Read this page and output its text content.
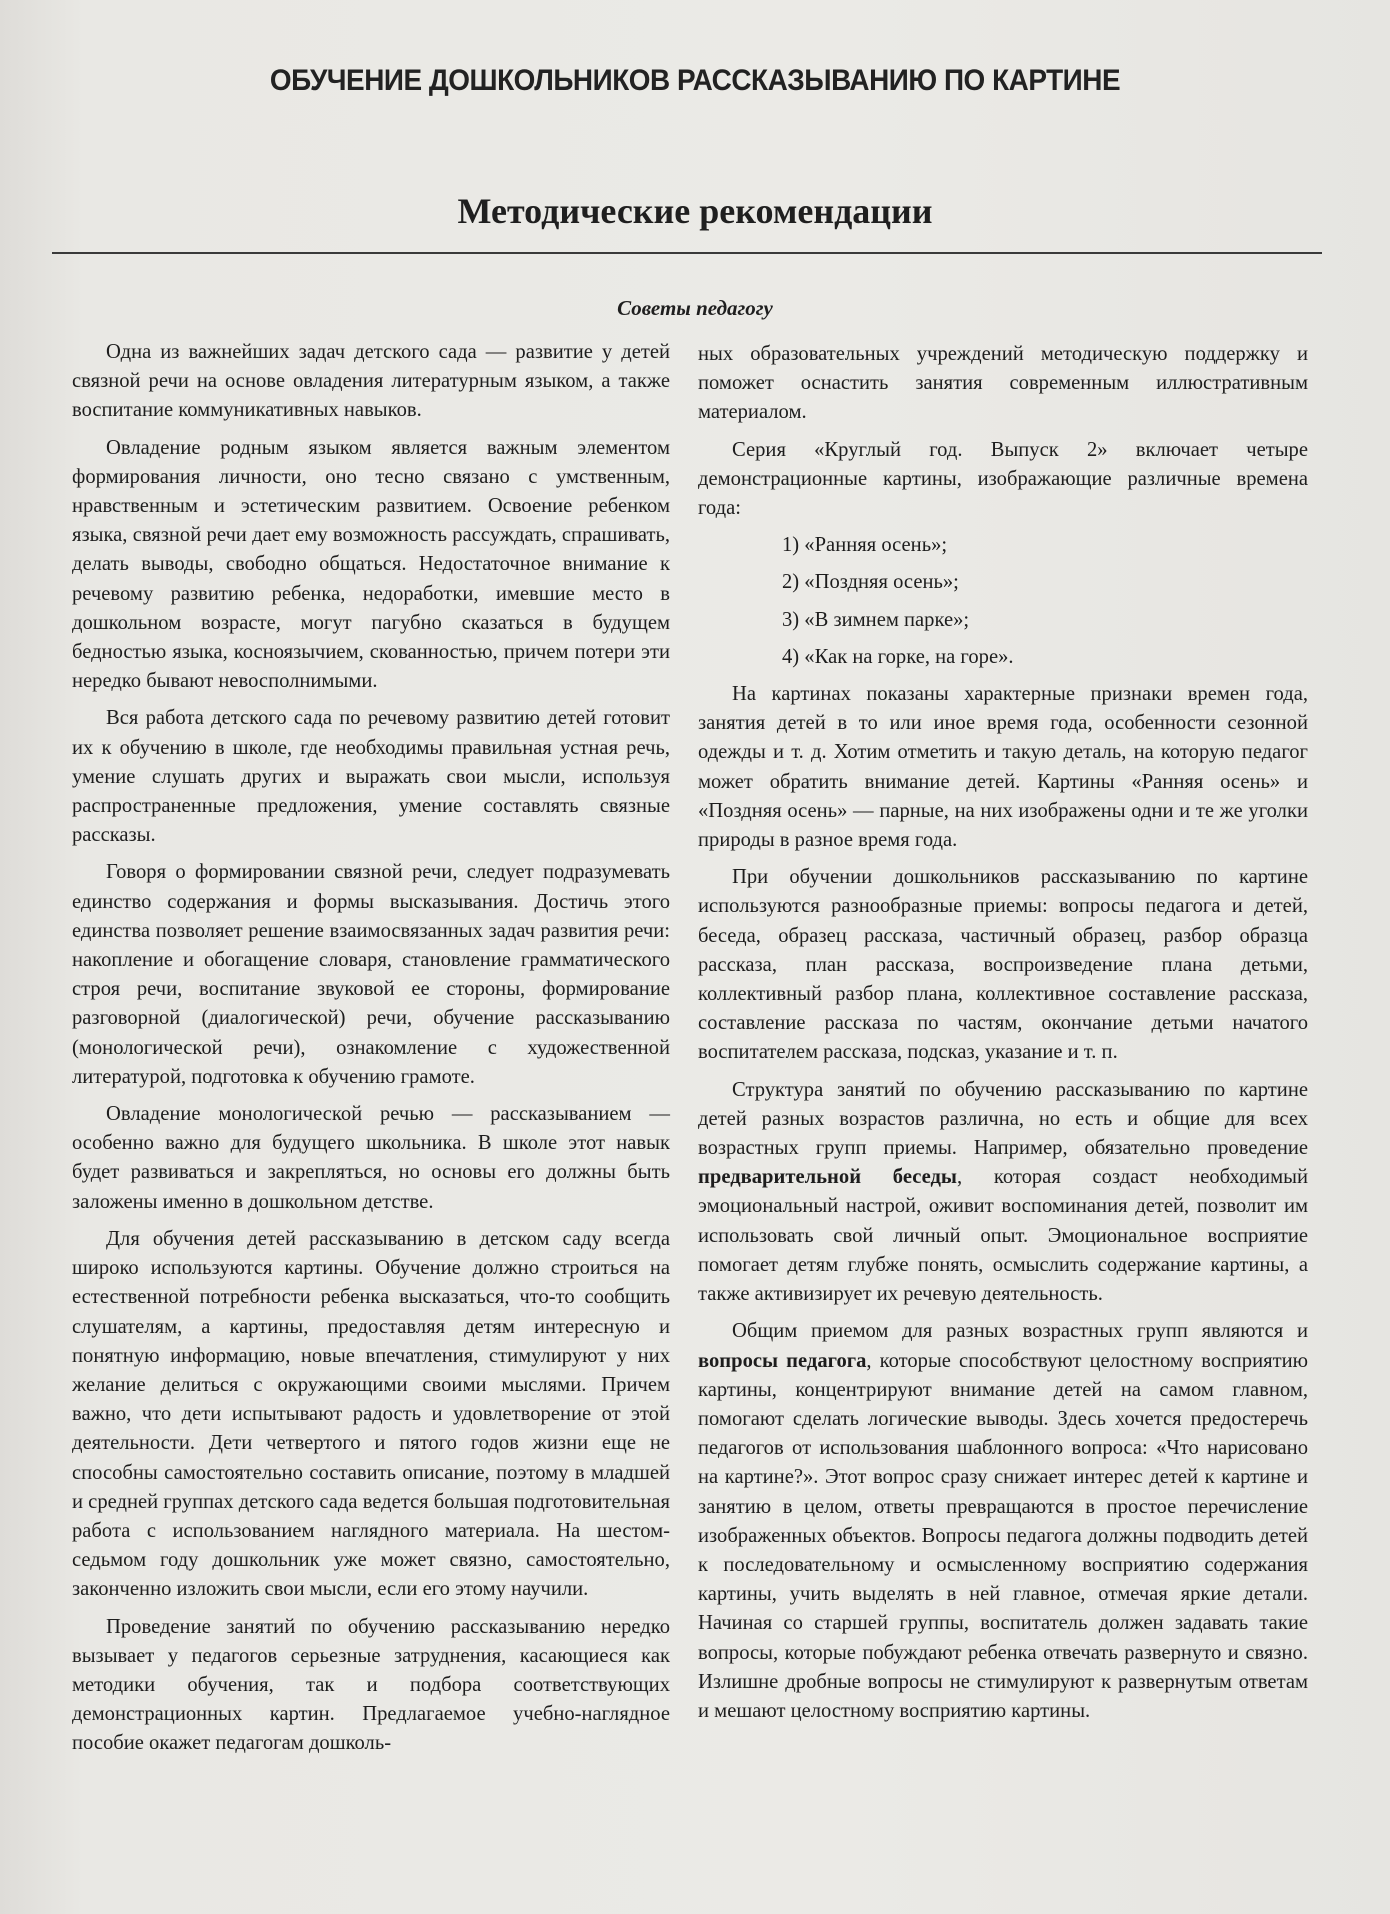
ОБУЧЕНИЕ ДОШКОЛЬНИКОВ РАССКАЗЫВАНИЮ ПО КАРТИНЕ
Методические рекомендации
Советы педагогу

Одна из важнейших задач детского сада — развитие у детей связной речи на основе овладения литературным языком, а также воспитание коммуникативных навыков.

Овладение родным языком является важным элементом формирования личности, оно тесно связано с умственным, нравственным и эстетическим развитием. Освоение ребенком языка, связной речи дает ему возможность рассуждать, спрашивать, делать выводы, свободно общаться. Недостаточное внимание к речевому развитию ребенка, недоработки, имевшие место в дошкольном возрасте, могут пагубно сказаться в будущем бедностью языка, косноязычием, скованностью, причем потери эти нередко бывают невосполнимыми.

Вся работа детского сада по речевому развитию детей готовит их к обучению в школе, где необходимы правильная устная речь, умение слушать других и выражать свои мысли, используя распространенные предложения, умение составлять связные рассказы.

Говоря о формировании связной речи, следует подразумевать единство содержания и формы высказывания. Достичь этого единства позволяет решение взаимосвязанных задач развития речи: накопление и обогащение словаря, становление грамматического строя речи, воспитание звуковой ее стороны, формирование разговорной (диалогической) речи, обучение рассказыванию (монологической речи), ознакомление с художественной литературой, подготовка к обучению грамоте.

Овладение монологической речью — рассказыванием — особенно важно для будущего школьника. В школе этот навык будет развиваться и закрепляться, но основы его должны быть заложены именно в дошкольном детстве.

Для обучения детей рассказыванию в детском саду всегда широко используются картины. Обучение должно строиться на естественной потребности ребенка высказаться, что-то сообщить слушателям, а картины, предоставляя детям интересную и понятную информацию, новые впечатления, стимулируют у них желание делиться с окружающими своими мыслями. Причем важно, что дети испытывают радость и удовлетворение от этой деятельности. Дети четвертого и пятого годов жизни еще не способны самостоятельно составить описание, поэтому в младшей и средней группах детского сада ведется большая подготовительная работа с использованием наглядного материала. На шестом-седьмом году дошкольник уже может связно, самостоятельно, законченно изложить свои мысли, если его этому научили.

Проведение занятий по обучению рассказыванию нередко вызывает у педагогов серьезные затруднения, касающиеся как методики обучения, так и подбора соответствующих демонстрационных картин. Предлагаемое учебно-наглядное пособие окажет педагогам дошколь-

ных образовательных учреждений методическую поддержку и поможет оснастить занятия современным иллюстративным материалом.

Серия «Круглый год. Выпуск 2» включает четыре демонстрационные картины, изображающие различные времена года:

1) «Ранняя осень»;

2) «Поздняя осень»;

3) «В зимнем парке»;

4) «Как на горке, на горе».

На картинах показаны характерные признаки времен года, занятия детей в то или иное время года, особенности сезонной одежды и т. д. Хотим отметить и такую деталь, на которую педагог может обратить внимание детей. Картины «Ранняя осень» и «Поздняя осень» — парные, на них изображены одни и те же уголки природы в разное время года.

При обучении дошкольников рассказыванию по картине используются разнообразные приемы: вопросы педагога и детей, беседа, образец рассказа, частичный образец, разбор образца рассказа, план рассказа, воспроизведение плана детьми, коллективный разбор плана, коллективное составление рассказа, составление рассказа по частям, окончание детьми начатого воспитателем рассказа, подсказ, указание и т. п.

Структура занятий по обучению рассказыванию по картине детей разных возрастов различна, но есть и общие для всех возрастных групп приемы. Например, обязательно проведение предварительной беседы, которая создаст необходимый эмоциональный настрой, оживит воспоминания детей, позволит им использовать свой личный опыт. Эмоциональное восприятие помогает детям глубже понять, осмыслить содержание картины, а также активизирует их речевую деятельность.

Общим приемом для разных возрастных групп являются и вопросы педагога, которые способствуют целостному восприятию картины, концентрируют внимание детей на самом главном, помогают сделать логические выводы. Здесь хочется предостеречь педагогов от использования шаблонного вопроса: «Что нарисовано на картине?». Этот вопрос сразу снижает интерес детей к картине и занятию в целом, ответы превращаются в простое перечисление изображенных объектов. Вопросы педагога должны подводить детей к последовательному и осмысленному восприятию содержания картины, учить выделять в ней главное, отмечая яркие детали. Начиная со старшей группы, воспитатель должен задавать такие вопросы, которые побуждают ребенка отвечать развернуто и связно. Излишне дробные вопросы не стимулируют к развернутым ответам и мешают целостному восприятию картины.
